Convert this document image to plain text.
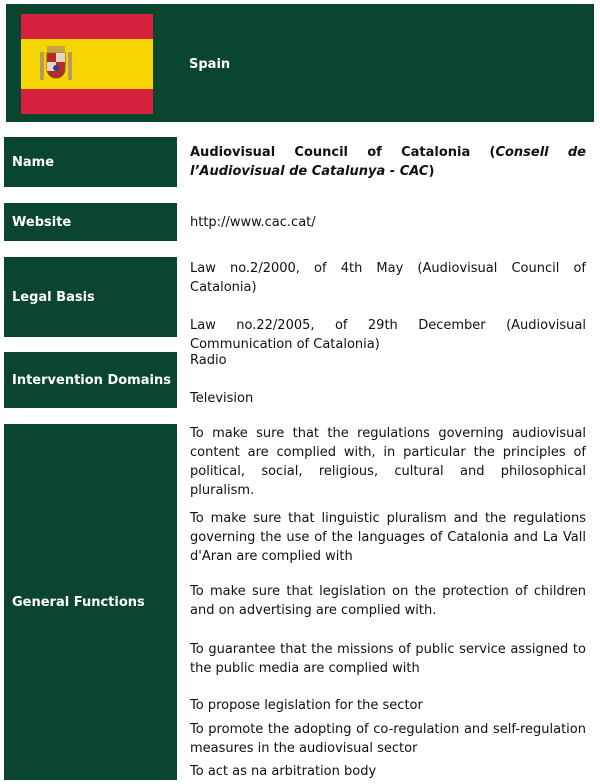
Spain
Name
Audiovisual Council of Catalonia (Consell de l’Audiovisual de Catalunya - CAC)
Website	http://www.cac.cat/
Legal Basis

Law no.2/2000, of 4th May (Audiovisual Council of Catalonia)

Law no.22/2005, of 29th December (Audiovisual Communication of Catalonia)

Intervention Domains

Radio

Television

General Functions

To make sure that the regulations governing audiovisual content are complied with, in particular the principles of political, social, religious, cultural and philosophical pluralism.

To make sure that linguistic pluralism and the regulations governing the use of the languages of Catalonia and La Vall d'Aran are complied with

To make sure that legislation on the protection of children and on advertising are complied with.

To guarantee that the missions of public service assigned to the public media are complied with

To propose legislation for the sector

To promote the adopting of co-regulation and self-regulation measures in the audiovisual sector

To act as na arbitration body
